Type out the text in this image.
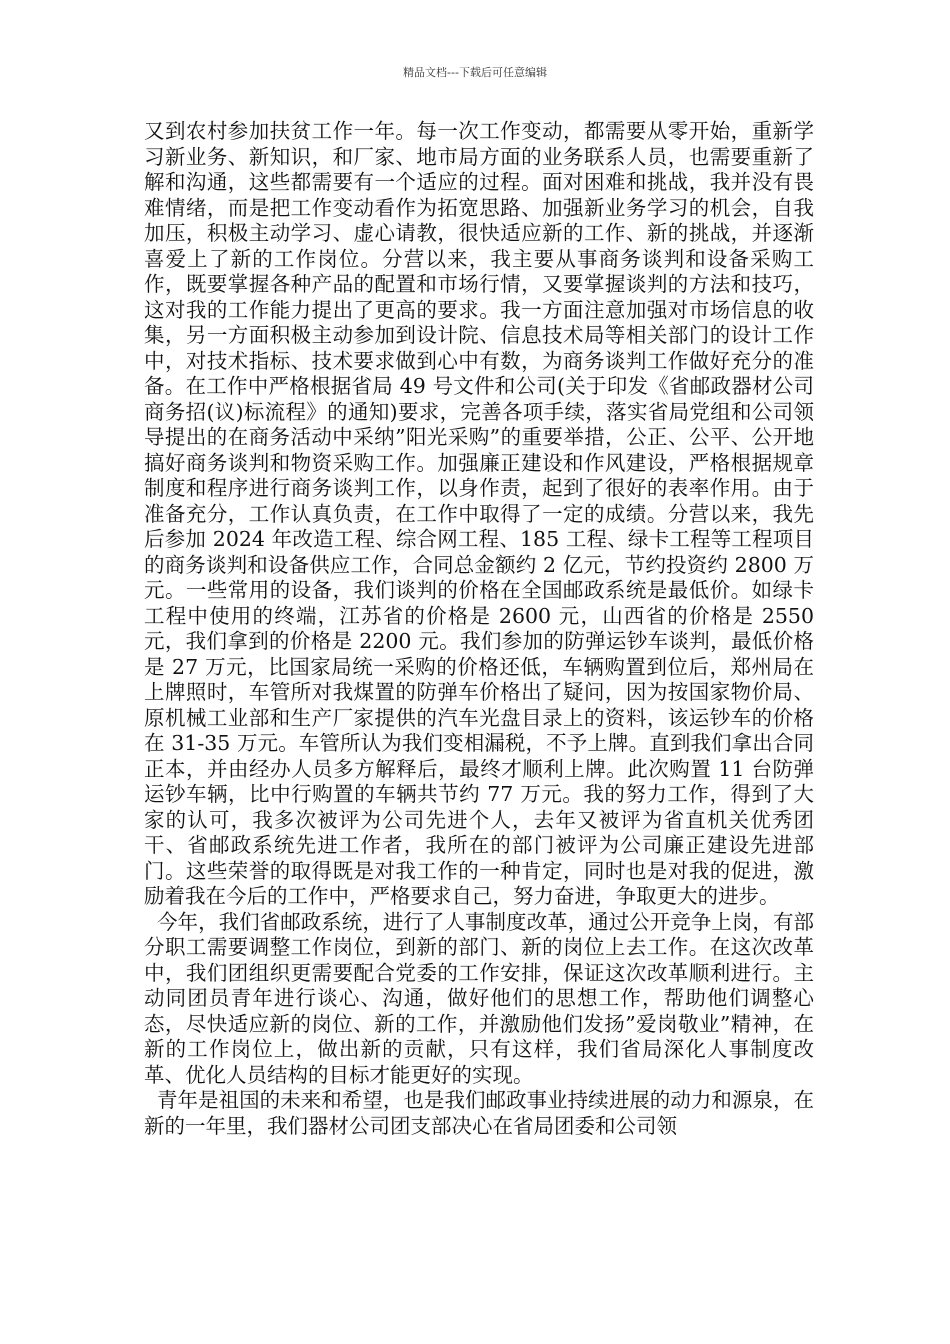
精品文档---下载后可任意编辑

又到农村参加扶贫工作一年。每一次工作变动，都需要从零开始，重新学习新业务、新知识，和厂家、地市局方面的业务联系人员，也需要重新了解和沟通，这些都需要有一个适应的过程。面对困难和挑战，我并没有畏难情绪，而是把工作变动看作为拓宽思路、加强新业务学习的机会，自我加压，积极主动学习、虚心请教，很快适应新的工作、新的挑战，并逐渐喜爱上了新的工作岗位。分营以来，我主要从事商务谈判和设备采购工作，既要掌握各种产品的配置和市场行情，又要掌握谈判的方法和技巧，这对我的工作能力提出了更高的要求。我一方面注意加强对市场信息的收集，另一方面积极主动参加到设计院、信息技术局等相关部门的设计工作中，对技术指标、技术要求做到心中有数，为商务谈判工作做好充分的准备。在工作中严格根据省局 49 号文件和公司(关于印发《省邮政器材公司商务招(议)标流程》的通知)要求，完善各项手续，落实省局党组和公司领导提出的在商务活动中采纳”阳光采购”的重要举措，公正、公平、公开地搞好商务谈判和物资采购工作。加强廉正建设和作风建设，严格根据规章制度和程序进行商务谈判工作，以身作责，起到了很好的表率作用。由于准备充分，工作认真负责，在工作中取得了一定的成绩。分营以来，我先后参加 2024 年改造工程、综合网工程、185 工程、绿卡工程等工程项目的商务谈判和设备供应工作，合同总金额约 2 亿元，节约投资约 2800 万元。一些常用的设备，我们谈判的价格在全国邮政系统是最低价。如绿卡工程中使用的终端，江苏省的价格是 2600 元，山西省的价格是 2550 元，我们拿到的价格是 2200 元。我们参加的防弹运钞车谈判，最低价格是 27 万元，比国家局统一采购的价格还低，车辆购置到位后，郑州局在上牌照时，车管所对我煤置的防弹车价格出了疑问，因为按国家物价局、原机械工业部和生产厂家提供的汽车光盘目录上的资料，该运钞车的价格在 31-35 万元。车管所认为我们变相漏税，不予上牌。直到我们拿出合同正本，并由经办人员多方解释后，最终才顺利上牌。此次购置 11 台防弹运钞车辆，比中行购置的车辆共节约 77 万元。我的努力工作，得到了大家的认可，我多次被评为公司先进个人，去年又被评为省直机关优秀团干、省邮政系统先进工作者，我所在的部门被评为公司廉正建设先进部门。这些荣誉的取得既是对我工作的一种肯定，同时也是对我的促进，激励着我在今后的工作中，严格要求自己，努力奋进，争取更大的进步。

今年，我们省邮政系统，进行了人事制度改革，通过公开竞争上岗，有部分职工需要调整工作岗位，到新的部门、新的岗位上去工作。在这次改革中，我们团组织更需要配合党委的工作安排，保证这次改革顺利进行。主动同团员青年进行谈心、沟通，做好他们的思想工作，帮助他们调整心态，尽快适应新的岗位、新的工作，并激励他们发扬”爱岗敬业”精神，在新的工作岗位上，做出新的贡献，只有这样，我们省局深化人事制度改革、优化人员结构的目标才能更好的实现。

青年是祖国的未来和希望，也是我们邮政事业持续进展的动力和源泉，在新的一年里，我们器材公司团支部决心在省局团委和公司领
